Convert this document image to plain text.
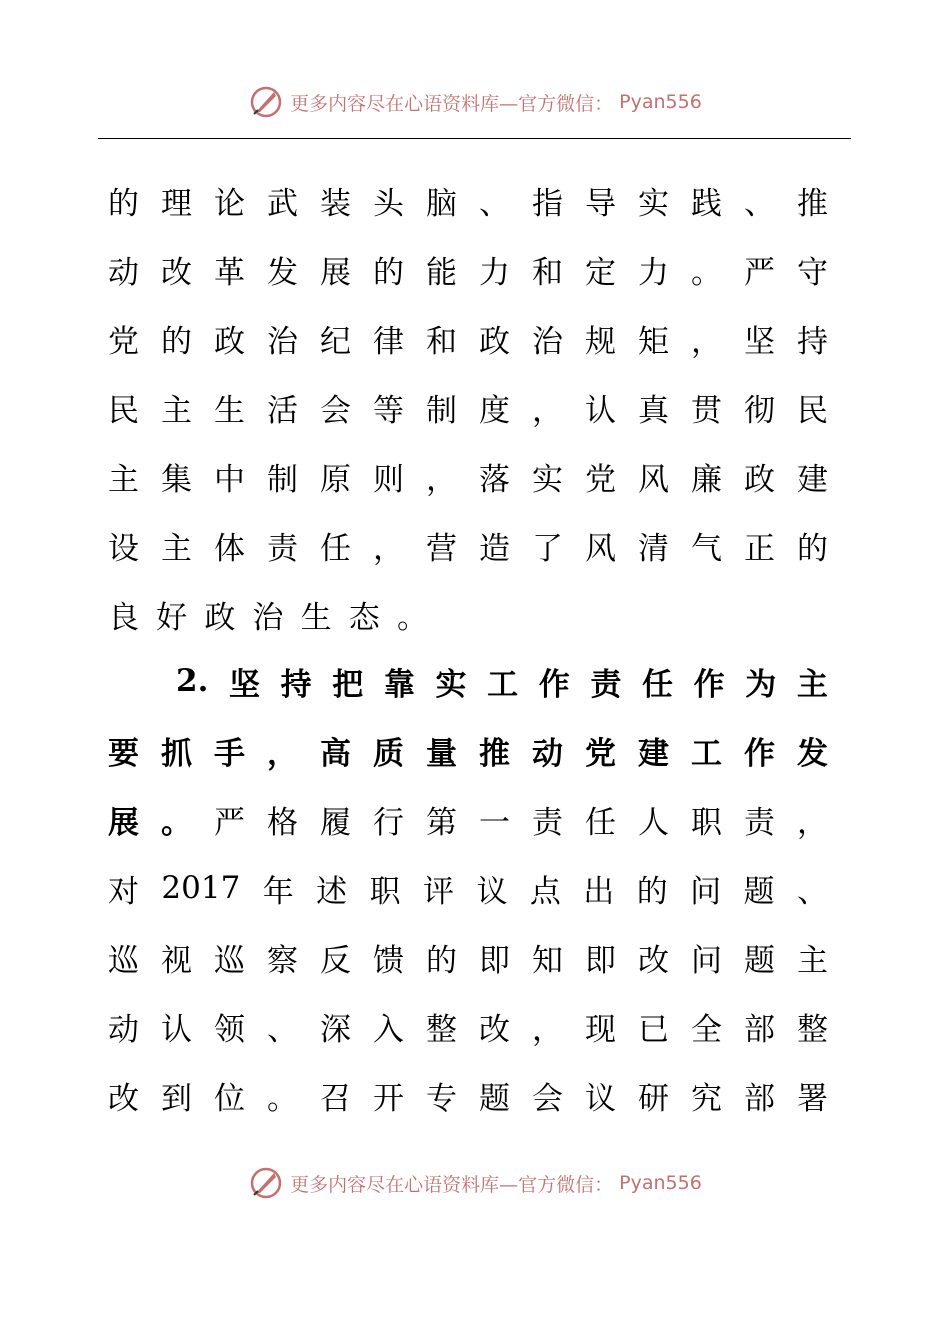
更多内容尽在心语资料库—官方微信： Pyan556
的 理 论 武 装 头 脑 、 指 导 实 践 、 推
动 改 革 发 展 的 能 力 和 定 力 。 严 守
党 的 政 治 纪 律 和 政 治 规 矩 ， 坚 持
民 主 生 活 会 等 制 度 ， 认 真 贯 彻 民
主 集 中 制 原 则 ， 落 实 党 风 廉 政 建
设 主 体 责 任 ， 营 造 了 风 清 气 正 的
良 好 政 治 生 态 。
2. 坚 持 把 靠 实 工 作 责 任 作 为 主
要 抓 手 ， 高 质 量 推 动 党 建 工 作 发
展 。 严 格 履 行 第 一 责 任 人 职 责 ，
对 2017 年 述 职 评 议 点 出 的 问 题 、
巡 视 巡 察 反 馈 的 即 知 即 改 问 题 主
动 认 领 、 深 入 整 改 ， 现 已 全 部 整
改 到 位 。 召 开 专 题 会 议 研 究 部 署
更多内容尽在心语资料库—官方微信： Pyan556
